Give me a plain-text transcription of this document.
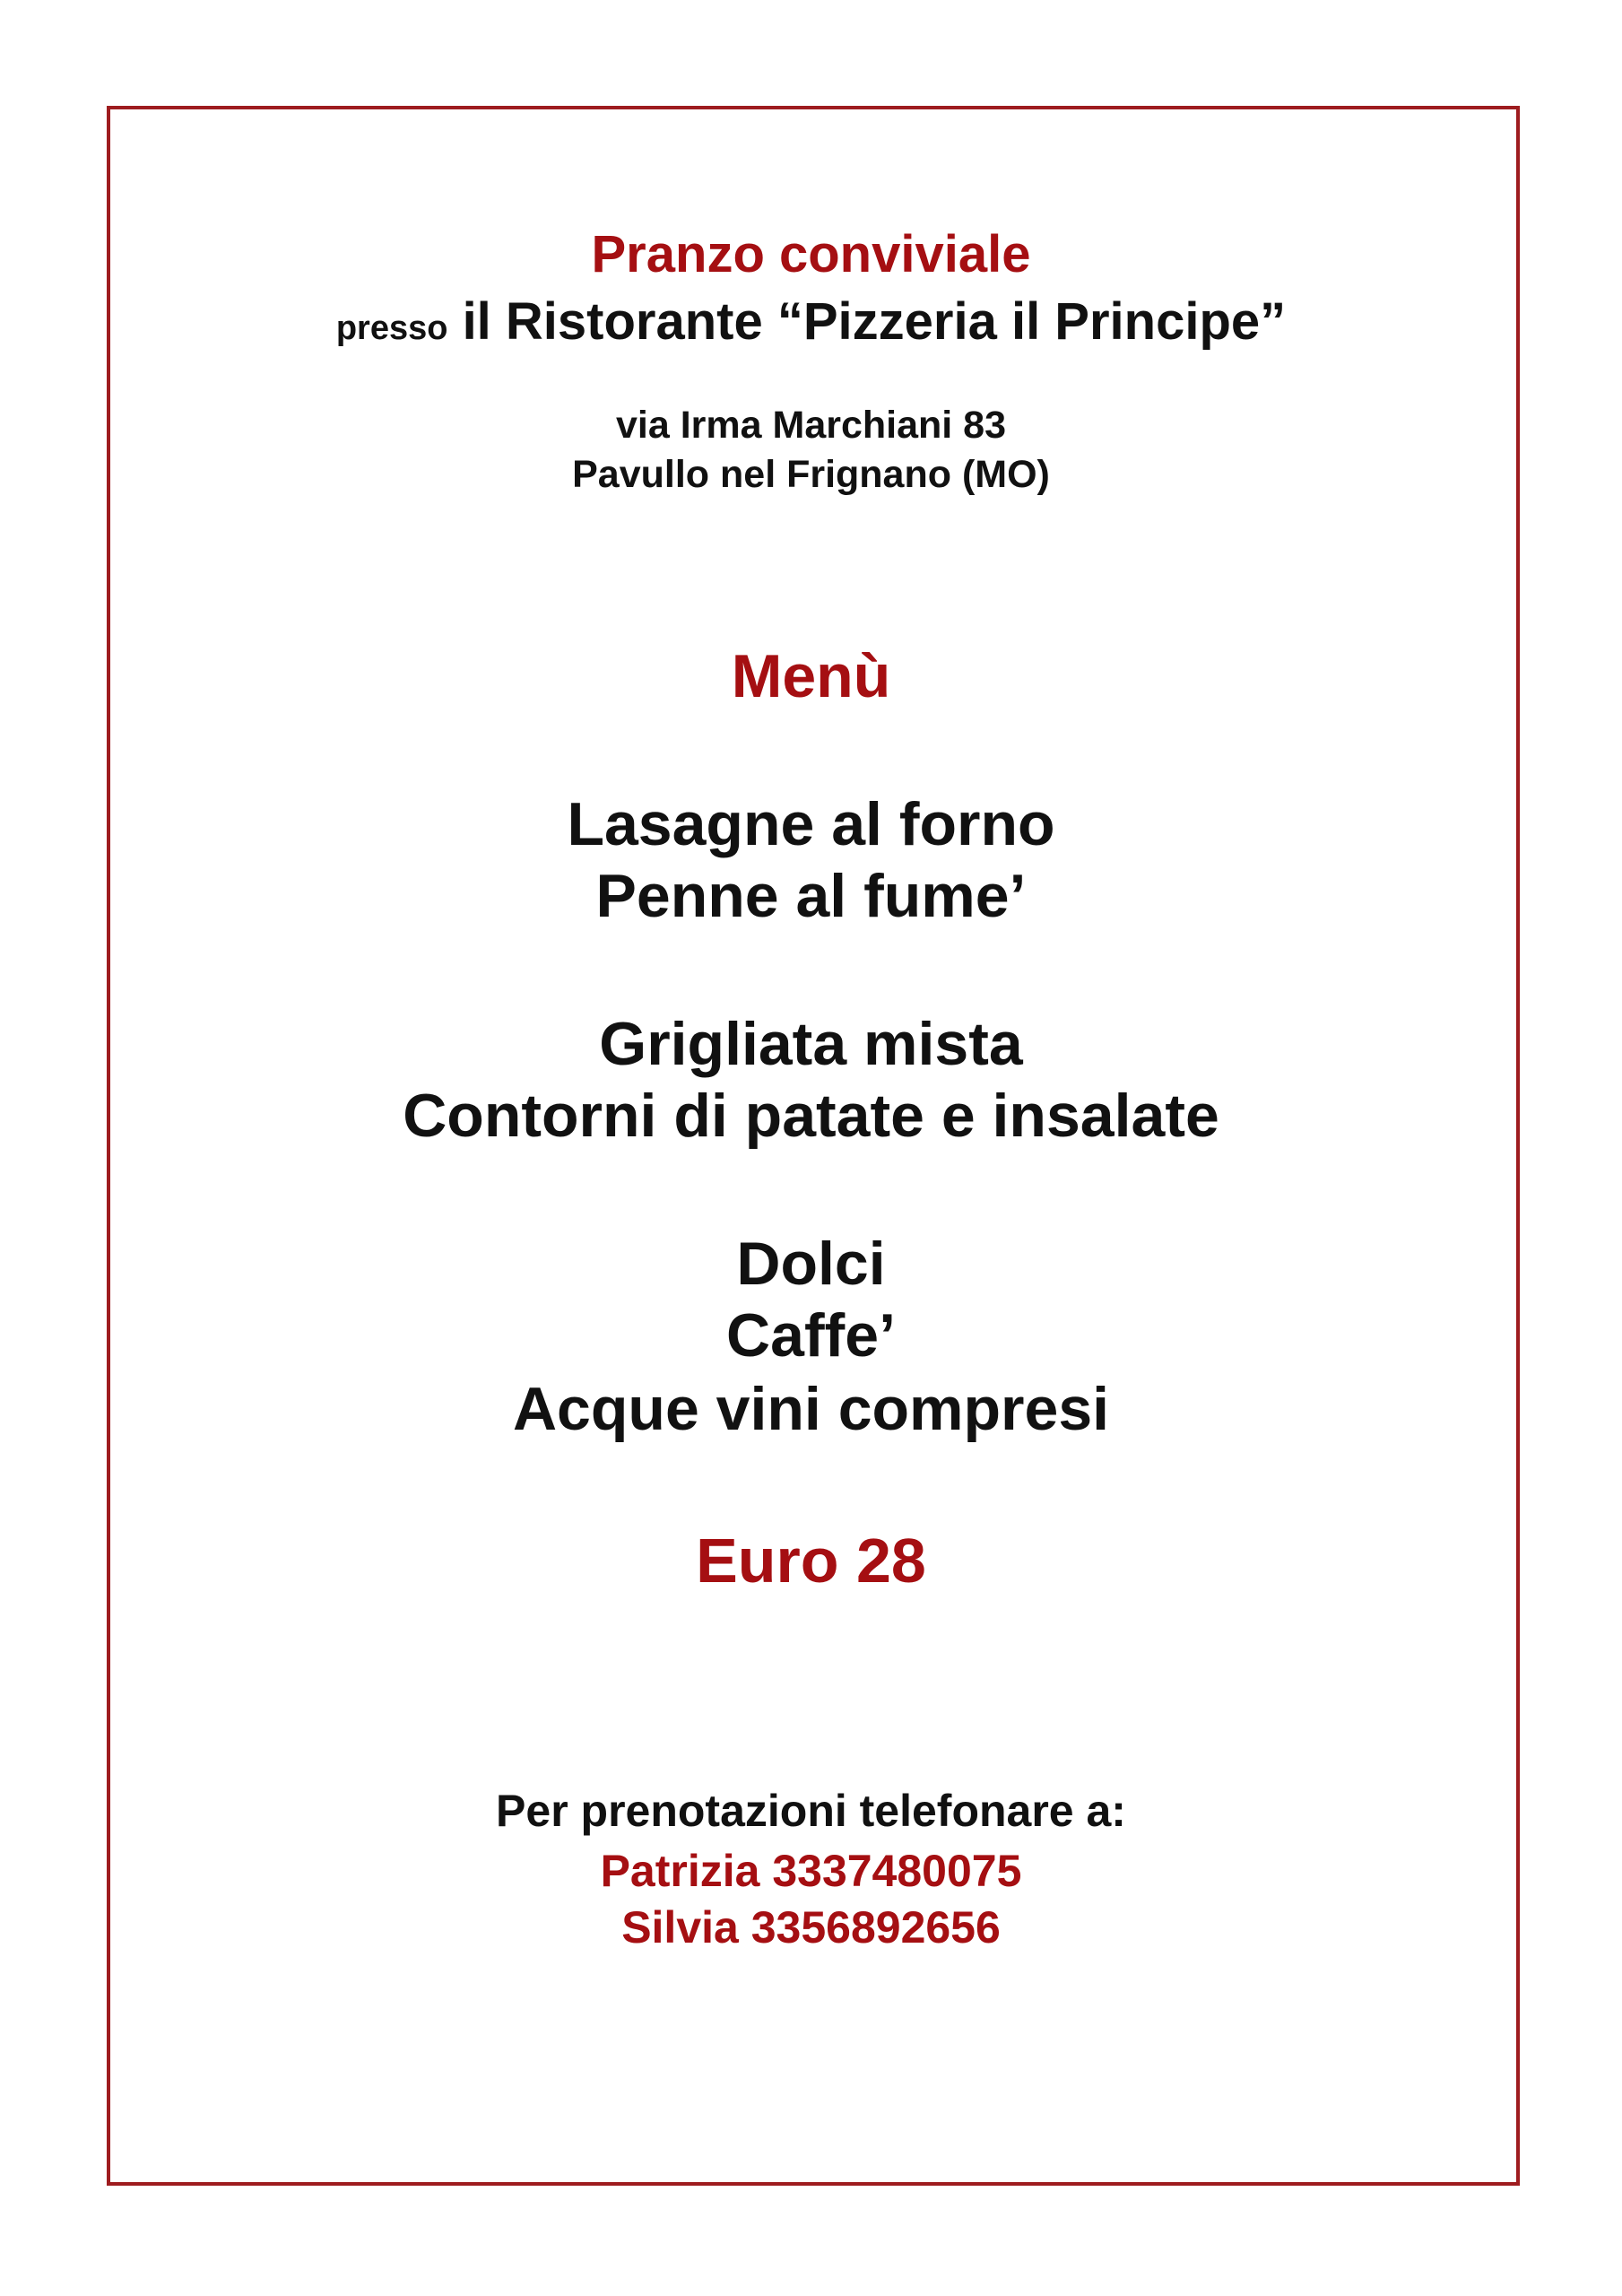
Pranzo conviviale
presso il Ristorante “Pizzeria il Principe”
via Irma Marchiani 83
Pavullo nel Frignano (MO)
Menù
Lasagne al forno
Penne al fume’
Grigliata mista
Contorni di patate e insalate
Dolci
Caffe’
Acque vini compresi
Euro 28
Per prenotazioni telefonare a:
Patrizia 3337480075
Silvia 3356892656
